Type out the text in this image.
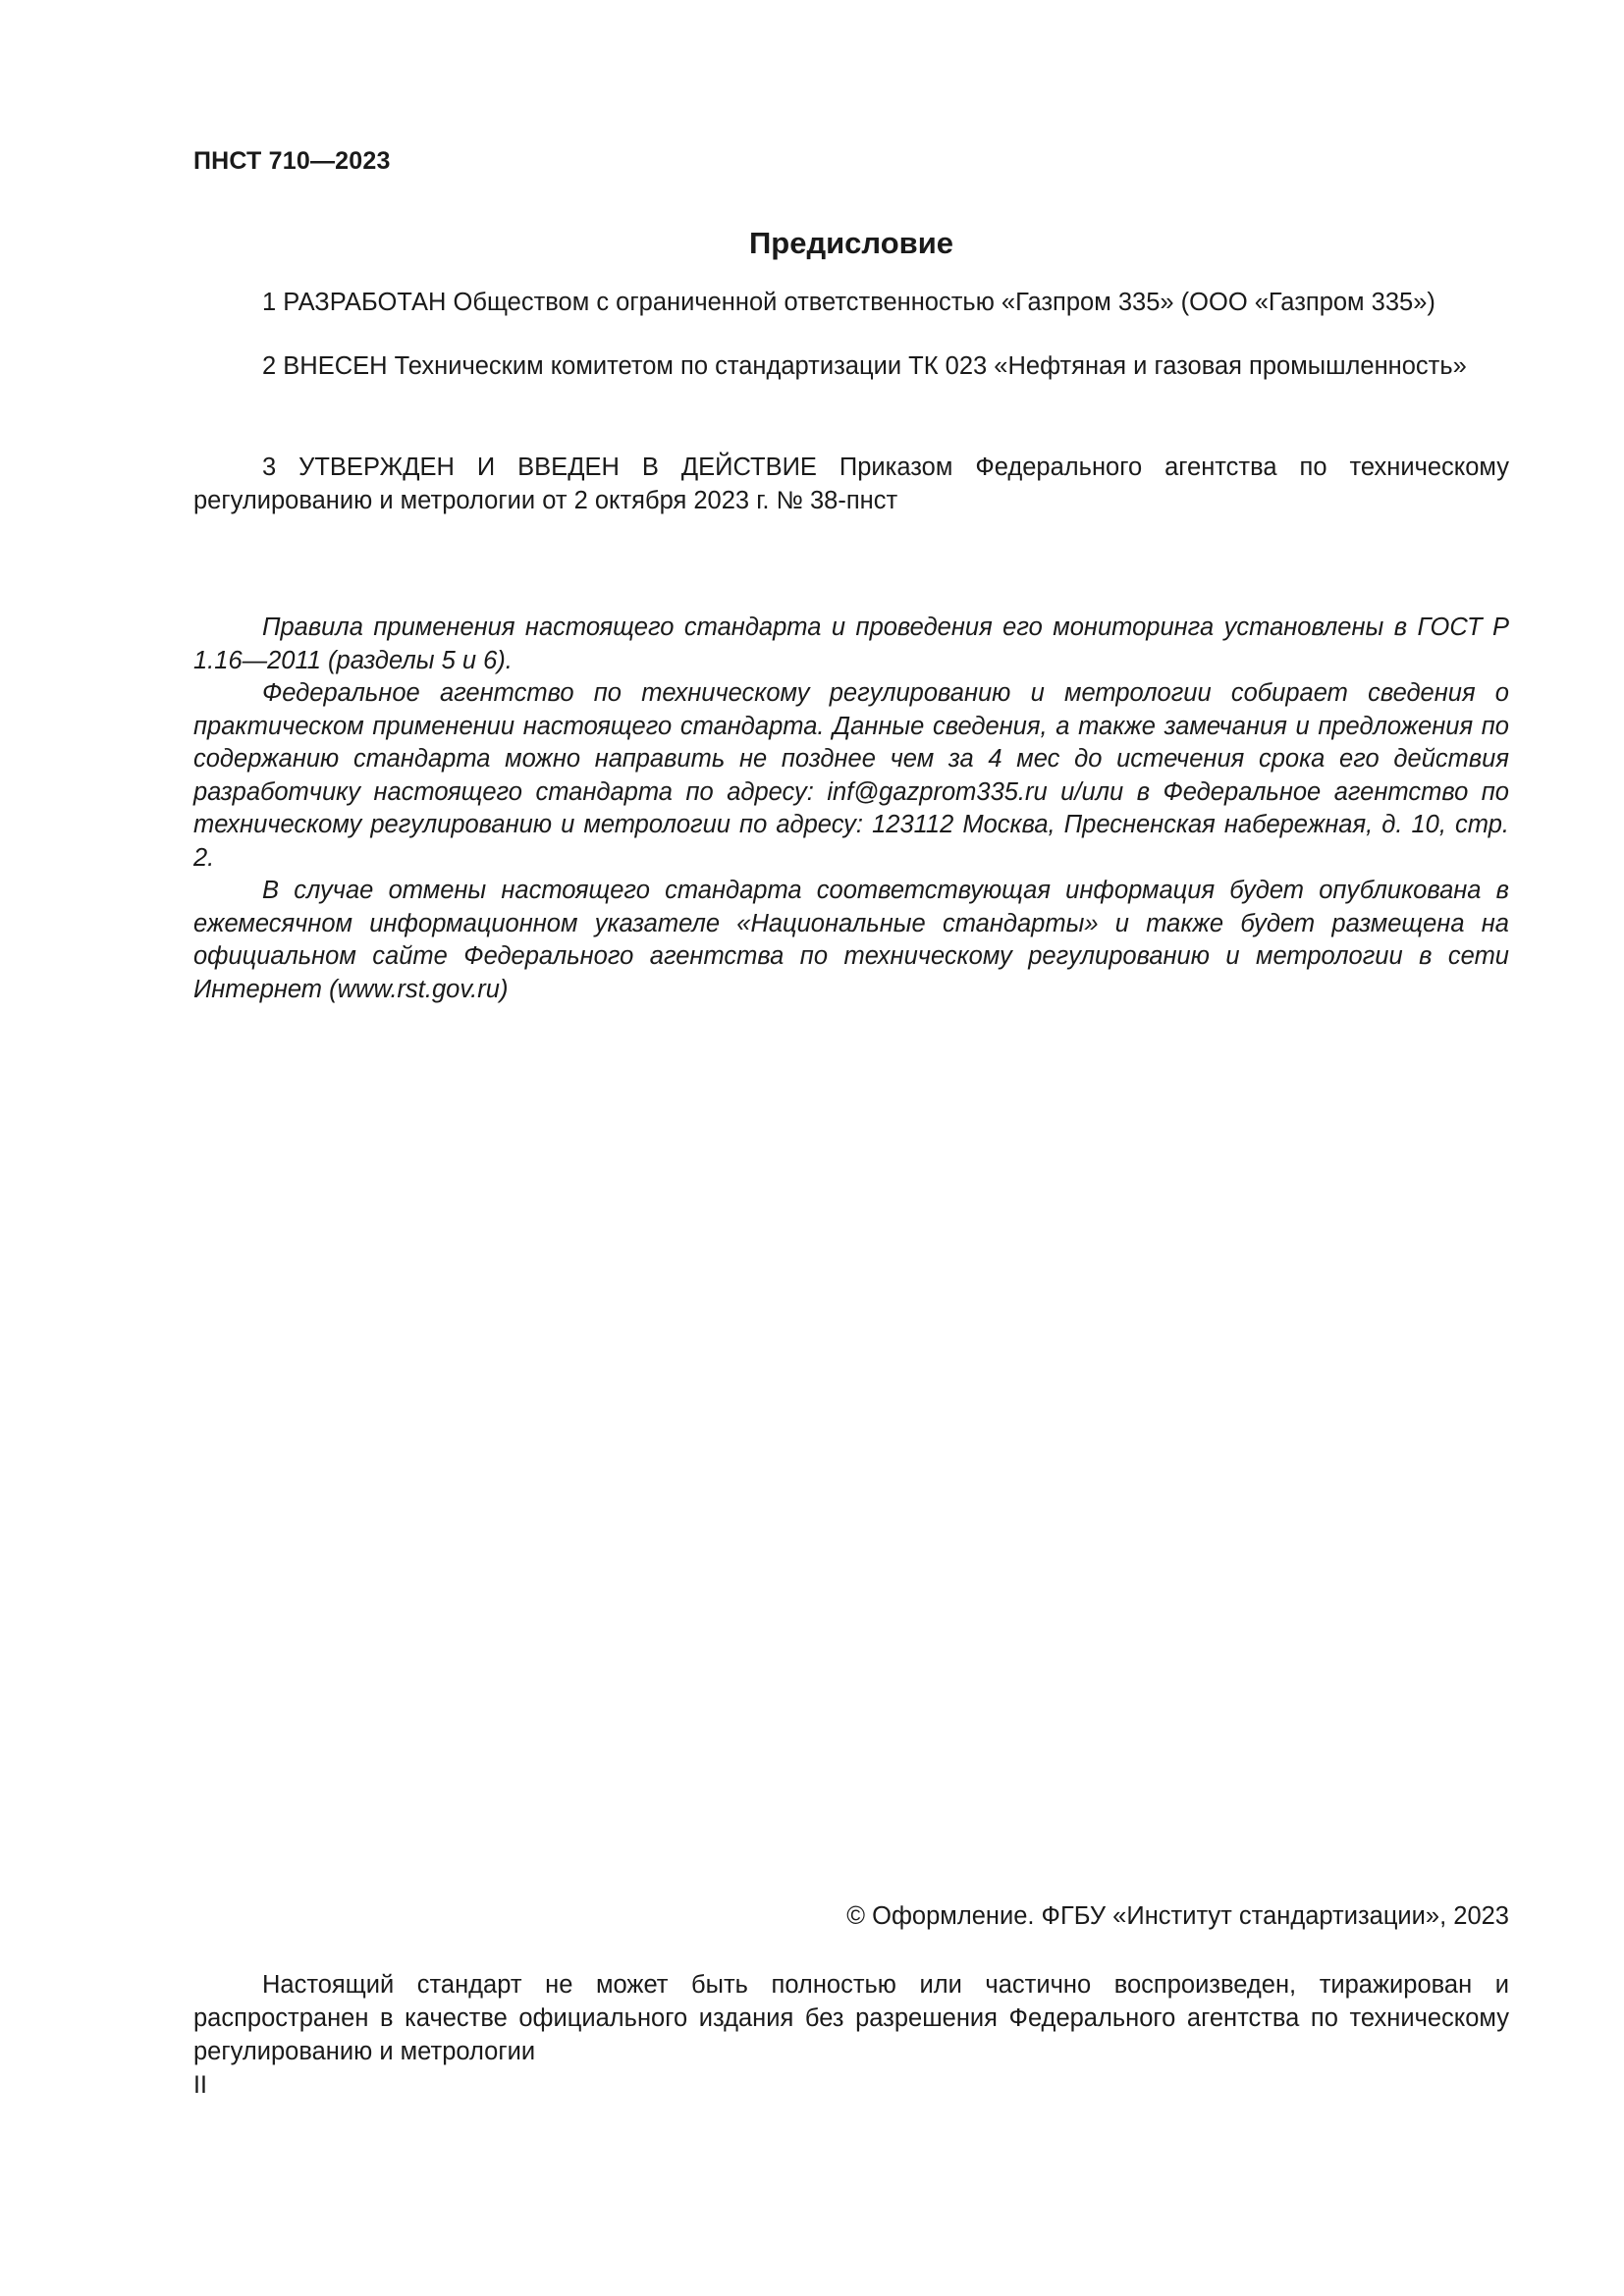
ПНСТ 710—2023
Предисловие

1 РАЗРАБОТАН Обществом с ограниченной ответственностью «Газпром 335» (ООО «Газпром 335»)

2 ВНЕСЕН Техническим комитетом по стандартизации ТК 023 «Нефтяная и газовая промышленность»

3 УТВЕРЖДЕН И ВВЕДЕН В ДЕЙСТВИЕ Приказом Федерального агентства по техническому регулированию и метрологии от 2 октября 2023 г. № 38-пнст

Правила применения настоящего стандарта и проведения его мониторинга установлены в ГОСТ Р 1.16—2011 (разделы 5 и 6).

Федеральное агентство по техническому регулированию и метрологии собирает сведения о практическом применении настоящего стандарта. Данные сведения, а также замечания и предложения по содержанию стандарта можно направить не позднее чем за 4 мес до истечения срока его действия разработчику настоящего стандарта по адресу: inf@gazprom335.ru и/или в Федеральное агентство по техническому регулированию и метрологии по адресу: 123112 Москва, Пресненская набережная, д. 10, стр. 2.

В случае отмены настоящего стандарта соответствующая информация будет опубликована в ежемесячном информационном указателе «Национальные стандарты» и также будет размещена на официальном сайте Федерального агентства по техническому регулированию и метрологии в сети Интернет (www.rst.gov.ru)

© Оформление. ФГБУ «Институт стандартизации», 2023

Настоящий стандарт не может быть полностью или частично воспроизведен, тиражирован и распространен в качестве официального издания без разрешения Федерального агентства по техническому регулированию и метрологии

II
